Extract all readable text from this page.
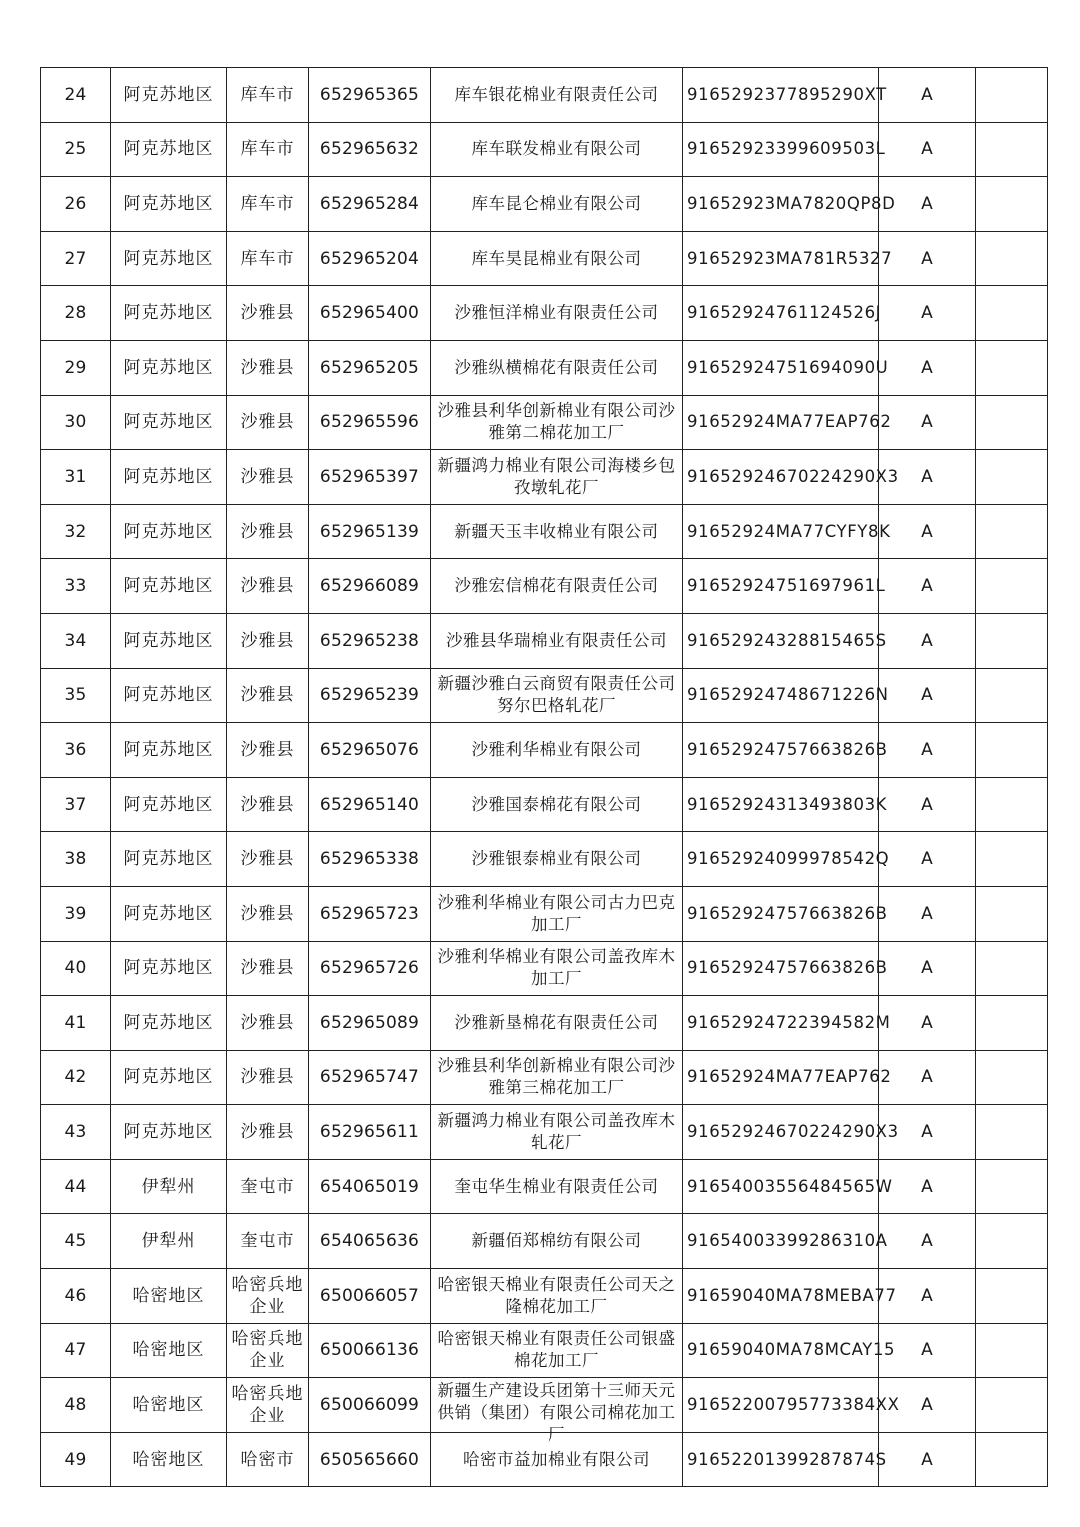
24	阿克苏地区	库车市	652965365	库车银花棉业有限责任公司	9165292377895290XT	A	

25	阿克苏地区	库车市	652965632	库车联发棉业有限公司	91652923399609503L	A	

26	阿克苏地区	库车市	652965284	库车昆仑棉业有限公司	91652923MA7820QP8D	A	

27	阿克苏地区	库车市	652965204	库车昊昆棉业有限公司	91652923MA781R5327	A	

28	阿克苏地区	沙雅县	652965400	沙雅恒洋棉业有限责任公司	91652924761124526J	A	

29	阿克苏地区	沙雅县	652965205	沙雅纵横棉花有限责任公司	91652924751694090U	A	

30	阿克苏地区	沙雅县	652965596	沙雅县利华创新棉业有限公司沙雅第二棉花加工厂	91652924MA77EAP762	A	

31	阿克苏地区	沙雅县	652965397	新疆鸿力棉业有限公司海楼乡包孜墩轧花厂	91652924670224290X3	A	

32	阿克苏地区	沙雅县	652965139	新疆天玉丰收棉业有限公司	91652924MA77CYFY8K	A	

33	阿克苏地区	沙雅县	652966089	沙雅宏信棉花有限责任公司	91652924751697961L	A	

34	阿克苏地区	沙雅县	652965238	沙雅县华瑞棉业有限责任公司	91652924328815465S	A	

35	阿克苏地区	沙雅县	652965239	新疆沙雅白云商贸有限责任公司努尔巴格轧花厂	91652924748671226N	A	

36	阿克苏地区	沙雅县	652965076	沙雅利华棉业有限公司	91652924757663826B	A	

37	阿克苏地区	沙雅县	652965140	沙雅国泰棉花有限公司	91652924313493803K	A	

38	阿克苏地区	沙雅县	652965338	沙雅银泰棉业有限公司	91652924099978542Q	A	

39	阿克苏地区	沙雅县	652965723	沙雅利华棉业有限公司古力巴克加工厂	91652924757663826B	A	

40	阿克苏地区	沙雅县	652965726	沙雅利华棉业有限公司盖孜库木加工厂	91652924757663826B	A	

41	阿克苏地区	沙雅县	652965089	沙雅新垦棉花有限责任公司	91652924722394582M	A	

42	阿克苏地区	沙雅县	652965747	沙雅县利华创新棉业有限公司沙雅第三棉花加工厂	91652924MA77EAP762	A	

43	阿克苏地区	沙雅县	652965611	新疆鸿力棉业有限公司盖孜库木轧花厂	91652924670224290X3	A	

44	伊犁州	奎屯市	654065019	奎屯华生棉业有限责任公司	91654003556484565W	A	

45	伊犁州	奎屯市	654065636	新疆佰郑棉纺有限公司	91654003399286310A	A	

46	哈密地区	哈密兵地企业	650066057	哈密银天棉业有限责任公司天之隆棉花加工厂	91659040MA78MEBA77	A	

47	哈密地区	哈密兵地企业	650066136	哈密银天棉业有限责任公司银盛棉花加工厂	91659040MA78MCAY15	A	

48	哈密地区	哈密兵地企业	650066099	新疆生产建设兵团第十三师天元供销（集团）有限公司棉花加工厂	91652200795773384XX	A	

49	哈密地区	哈密市	650565660	哈密市益加棉业有限公司	91652201399287874S	A	
